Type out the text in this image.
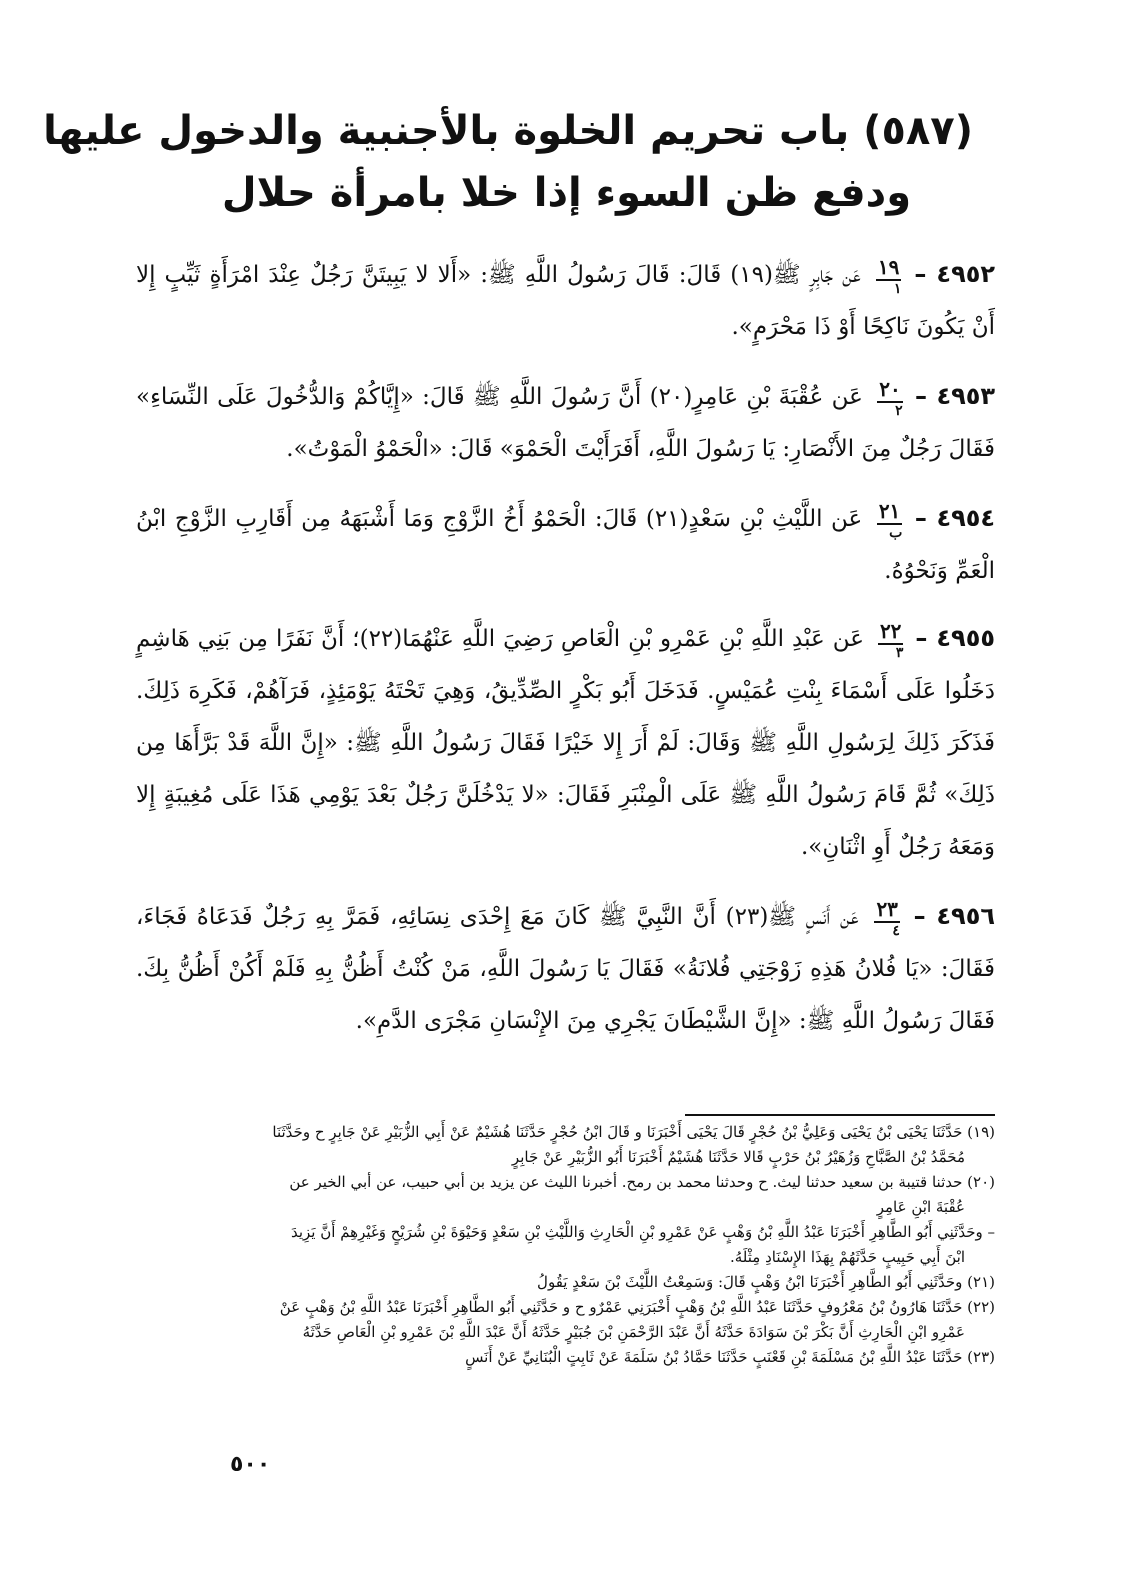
(٥٨٧) باب تحريم الخلوة بالأجنبية والدخول عليها
ودفع ظن السوء إذا خلا بامرأة حلال
٤٩٥٢ –
١٩
١
عَن جَابِرٍ ﷺ(١٩) قَالَ: قَالَ رَسُولُ اللَّهِ ﷺ: «أَلا لا يَبِيتَنَّ رَجُلٌ عِنْدَ امْرَأَةٍ ثَيِّبٍ إِلا أَنْ يَكُونَ نَاكِحًا أَوْ ذَا مَحْرَمٍ».
٤٩٥٣ –
٢٠
٢
عَن عُقْبَةَ بْنِ عَامِرٍ(٢٠) أَنَّ رَسُولَ اللَّهِ ﷺ قَالَ: «إِيَّاكُمْ وَالدُّخُولَ عَلَى النِّسَاءِ» فَقَالَ رَجُلٌ مِنَ الأَنْصَارِ: يَا رَسُولَ اللَّهِ، أَفَرَأَيْتَ الْحَمْوَ» قَالَ: «الْحَمْوُ الْمَوْتُ».
٤٩٥٤ –
٢١
ب
عَن اللَّيْثِ بْنِ سَعْدٍ(٢١) قَالَ: الْحَمْوُ أَخُ الزَّوْجِ وَمَا أَشْبَهَهُ مِن أَقَارِبِ الزَّوْجِ ابْنُ الْعَمِّ وَنَحْوُهُ.
٤٩٥٥ –
٢٢
٣
عَن عَبْدِ اللَّهِ بْنِ عَمْرِو بْنِ الْعَاصِ رَضِيَ اللَّهِ عَنْهُمَا(٢٢)؛ أَنَّ نَفَرًا مِن بَنِي هَاشِمٍ دَخَلُوا عَلَى أَسْمَاءَ بِنْتِ عُمَيْسٍ. فَدَخَلَ أَبُو بَكْرٍ الصِّدِّيقُ، وَهِيَ تَحْتَهُ يَوْمَئِذٍ، فَرَآهُمْ، فَكَرِهَ ذَلِكَ. فَذَكَرَ ذَلِكَ لِرَسُولِ اللَّهِ ﷺ وَقَالَ: لَمْ أَرَ إِلا خَيْرًا فَقَالَ رَسُولُ اللَّهِ ﷺ: «إِنَّ اللَّهَ قَدْ بَرَّأَهَا مِن ذَلِكَ» ثُمَّ قَامَ رَسُولُ اللَّهِ ﷺ عَلَى الْمِنْبَرِ فَقَالَ: «لا يَدْخُلَنَّ رَجُلٌ بَعْدَ يَوْمِي هَذَا عَلَى مُغِيبَةٍ إِلا وَمَعَهُ رَجُلٌ أَوِ اثْنَانِ».
٤٩٥٦ –
٢٣
٤
عَن أَنَسٍ ﷺ(٢٣) أَنَّ النَّبِيَّ ﷺ كَانَ مَعَ إِحْدَى نِسَائِهِ، فَمَرَّ بِهِ رَجُلٌ فَدَعَاهُ فَجَاءَ، فَقَالَ: «يَا فُلانُ هَذِهِ زَوْجَتِي فُلانَةُ» فَقَالَ يَا رَسُولَ اللَّهِ، مَنْ كُنْتُ أَظُنُّ بِهِ فَلَمْ أَكُنْ أَظُنُّ بِكَ. فَقَالَ رَسُولُ اللَّهِ ﷺ: «إِنَّ الشَّيْطَانَ يَجْرِي مِنَ الإِنْسَانِ مَجْرَى الدَّمِ».

(١٩) حَدَّثَنَا يَحْيَى بْنُ يَحْيَى وَعَلِيُّ بْنُ حُجْرٍ قَالَ يَحْيَى أَخْبَرَنَا و قَالَ ابْنُ حُجْرٍ حَدَّثَنَا هُشَيْمٌ عَنْ أَبِي الزُّبَيْرِ عَنْ جَابِرٍ ح وحَدَّثَنَا

مُحَمَّدُ بْنُ الصَّبَّاحِ وَزُهَيْرُ بْنُ حَرْبٍ قَالا حَدَّثَنَا هُشَيْمٌ أَخْبَرَنَا أَبُو الزُّبَيْرِ عَنْ جَابِرٍ

(٢٠) حدثنا قتيبة بن سعيد حدثنا ليث. ح وحدثنا محمد بن رمح. أخبرنا الليث عن يزيد بن أبي حبيب، عن أبي الخير عن

عُقْبَةَ ابْنِ عَامِرٍ

– وحَدَّثَنِي أَبُو الطَّاهِرِ أَخْبَرَنَا عَبْدُ اللَّهِ بْنُ وَهْبٍ عَنْ عَمْرِو بْنِ الْحَارِثِ وَاللَّيْثِ بْنِ سَعْدٍ وَحَيْوَةَ بْنِ شُرَيْحٍ وَغَيْرِهِمْ أَنَّ يَزِيدَ

ابْنَ أَبِي حَبِيبٍ حَدَّثَهُمْ بِهَذَا الإِسْنَادِ مِثْلَهُ.

(٢١) وحَدَّثَنِي أَبُو الطَّاهِرِ أَخْبَرَنَا ابْنُ وَهْبٍ قَالَ: وَسَمِعْتُ اللَّيْثَ بْنَ سَعْدٍ يَقُولُ

(٢٢) حَدَّثَنَا هَارُونُ بْنُ مَعْرُوفٍ حَدَّثَنَا عَبْدُ اللَّهِ بْنُ وَهْبٍ أَخْبَرَنِي عَمْرٌو ح و حَدَّثَنِي أَبُو الطَّاهِرِ أَخْبَرَنَا عَبْدُ اللَّهِ بْنُ وَهْبٍ عَنْ

عَمْرِو ابْنِ الْحَارِثِ أَنَّ بَكْرَ بْنَ سَوَادَةَ حَدَّثَهُ أَنَّ عَبْدَ الرَّحْمَنِ بْنَ جُبَيْرٍ حَدَّثَهُ أَنَّ عَبْدَ اللَّهِ بْنَ عَمْرِو بْنِ الْعَاصِ حَدَّثَهُ

(٢٣) حَدَّثَنَا عَبْدُ اللَّهِ بْنُ مَسْلَمَةَ بْنِ قَعْنَبٍ حَدَّثَنَا حَمَّادُ بْنُ سَلَمَةَ عَنْ ثَابِتٍ الْبُنَانِيِّ عَنْ أَنَسٍ

٥٠٠
